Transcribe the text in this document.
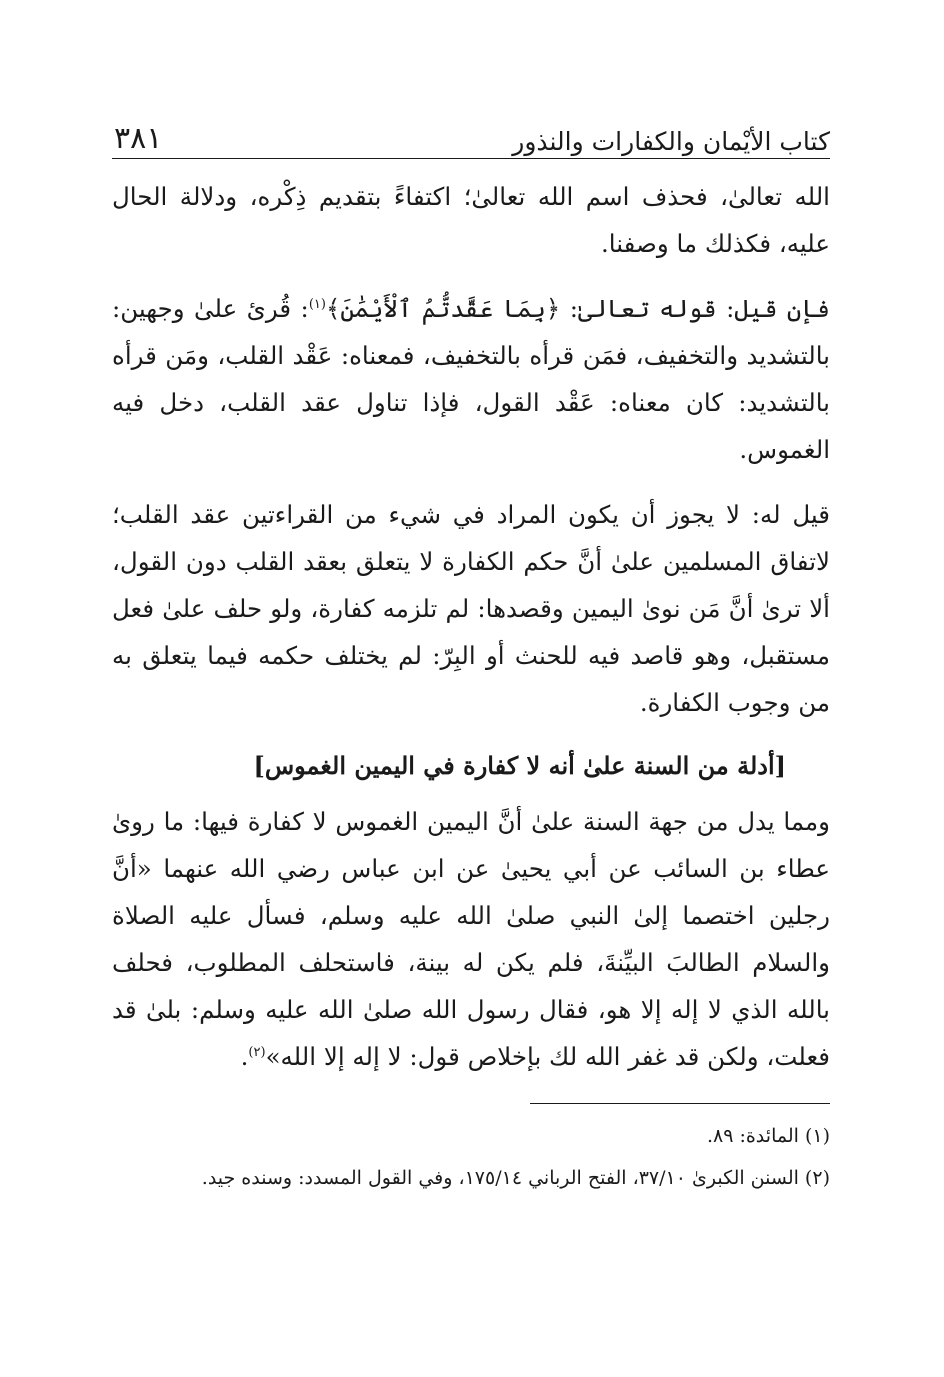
كتاب الأيْمان والكفارات والنذور
٣٨١

الله تعالىٰ، فحذف اسم الله تعالىٰ؛ اكتفاءً بتقديم ذِكْره، ودلالة الحال عليه، فكذلك ما وصفنا.

فإن قيل: قوله تعالىٰ: ﴿بِمَا عَقَّدتُّمُ ٱلْأَيْمَٰنَ﴾$^{(١)}$: قُرئ علىٰ وجهين: بالتشديد والتخفيف، فمَن قرأه بالتخفيف، فمعناه: عَقْد القلب، ومَن قرأه بالتشديد: كان معناه: عَقْد القول، فإذا تناول عقد القلب، دخل فيه الغموس.

قيل له: لا يجوز أن يكون المراد في شيء من القراءتين عقد القلب؛ لاتفاق المسلمين علىٰ أنَّ حكم الكفارة لا يتعلق بعقد القلب دون القول، ألا ترىٰ أنَّ مَن نوىٰ اليمين وقصدها: لم تلزمه كفارة، ولو حلف علىٰ فعل مستقبل، وهو قاصد فيه للحنث أو البِرّ: لم يختلف حكمه فيما يتعلق به من وجوب الكفارة.

[أدلة من السنة علىٰ أنه لا كفارة في اليمين الغموس]

ومما يدل من جهة السنة علىٰ أنَّ اليمين الغموس لا كفارة فيها: ما روىٰ عطاء بن السائب عن أبي يحيىٰ عن ابن عباس رضي الله عنهما «أنَّ رجلين اختصما إلىٰ النبي صلىٰ الله عليه وسلم، فسأل عليه الصلاة والسلام الطالبَ البيِّنةَ، فلم يكن له بينة، فاستحلف المطلوب، فحلف بالله الذي لا إله إلا هو، فقال رسول الله صلىٰ الله عليه وسلم: بلىٰ قد فعلت، ولكن قد غفر الله لك بإخلاص قول: لا إله إلا الله»$^{(٢)}$.

(١) المائدة: ٨٩.

(٢) السنن الكبرىٰ ٣٧/١٠، الفتح الرباني ١٧٥/١٤، وفي القول المسدد: وسنده جيد.
